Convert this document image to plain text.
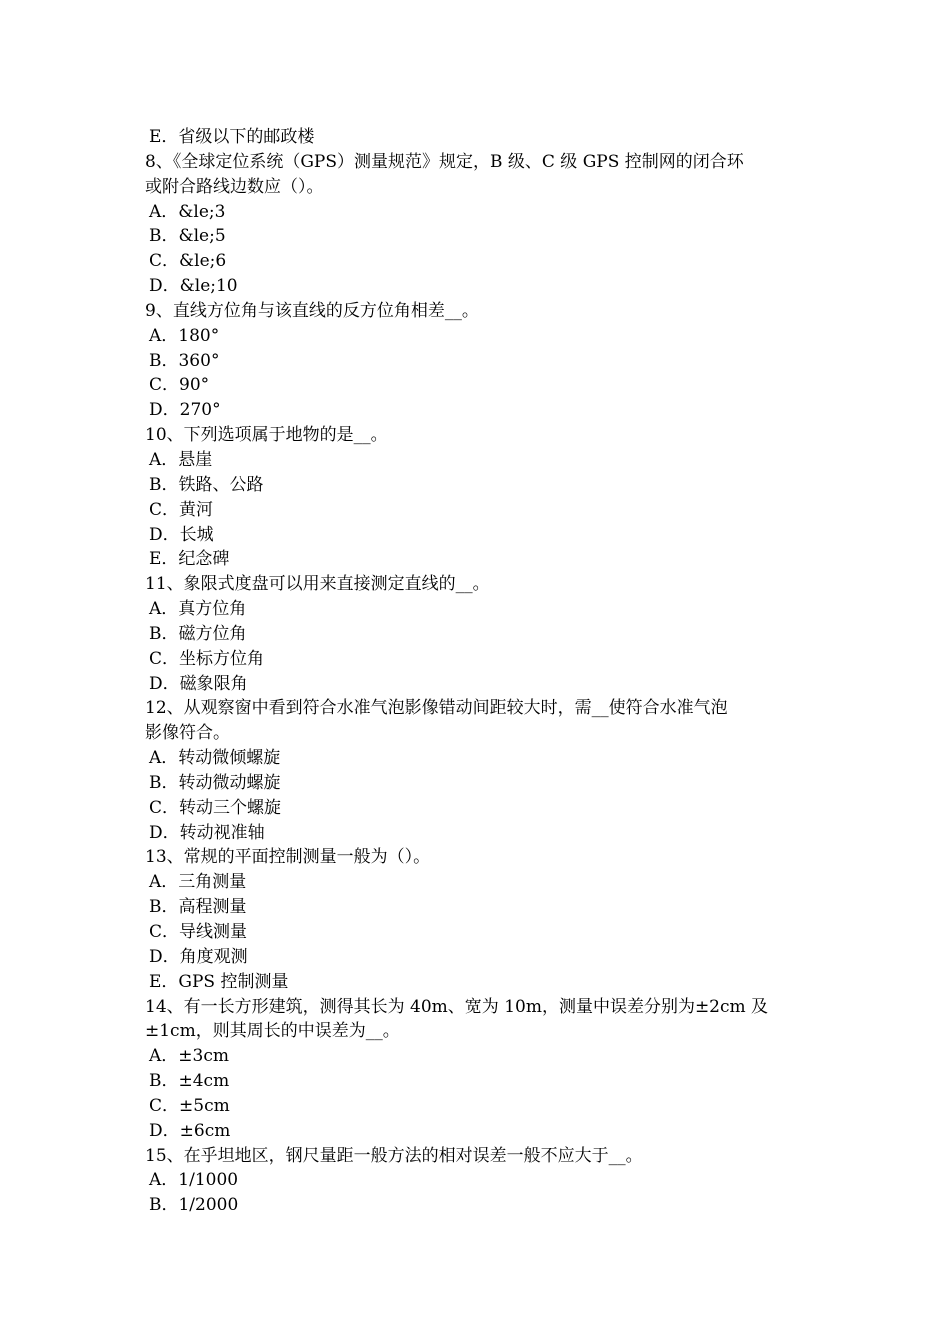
E．省级以下的邮政楼
8、《全球定位系统（GPS）测量规范》规定，B 级、C 级 GPS 控制网的闭合环
或附合路线边数应（）。
A．&le;3
B．&le;5
C．&le;6
D．&le;10
9、直线方位角与该直线的反方位角相差__。
A．180°
B．360°
C．90°
D．270°
10、下列选项属于地物的是__。
A．悬崖
B．铁路、公路
C．黄河
D．长城
E．纪念碑
11、象限式度盘可以用来直接测定直线的__。
A．真方位角
B．磁方位角
C．坐标方位角
D．磁象限角
12、从观察窗中看到符合水准气泡影像错动间距较大时，需__使符合水准气泡
影像符合。
A．转动微倾螺旋
B．转动微动螺旋
C．转动三个螺旋
D．转动视准轴
13、常规的平面控制测量一般为（）。
A．三角测量
B．高程测量
C．导线测量
D．角度观测
E．GPS 控制测量
14、有一长方形建筑，测得其长为 40m、宽为 10m，测量中误差分别为±2cm 及
±1cm，则其周长的中误差为__。
A．±3cm
B．±4cm
C．±5cm
D．±6cm
15、在乎坦地区，钢尺量距一般方法的相对误差一般不应大于__。
A．1/1000
B．1/2000
